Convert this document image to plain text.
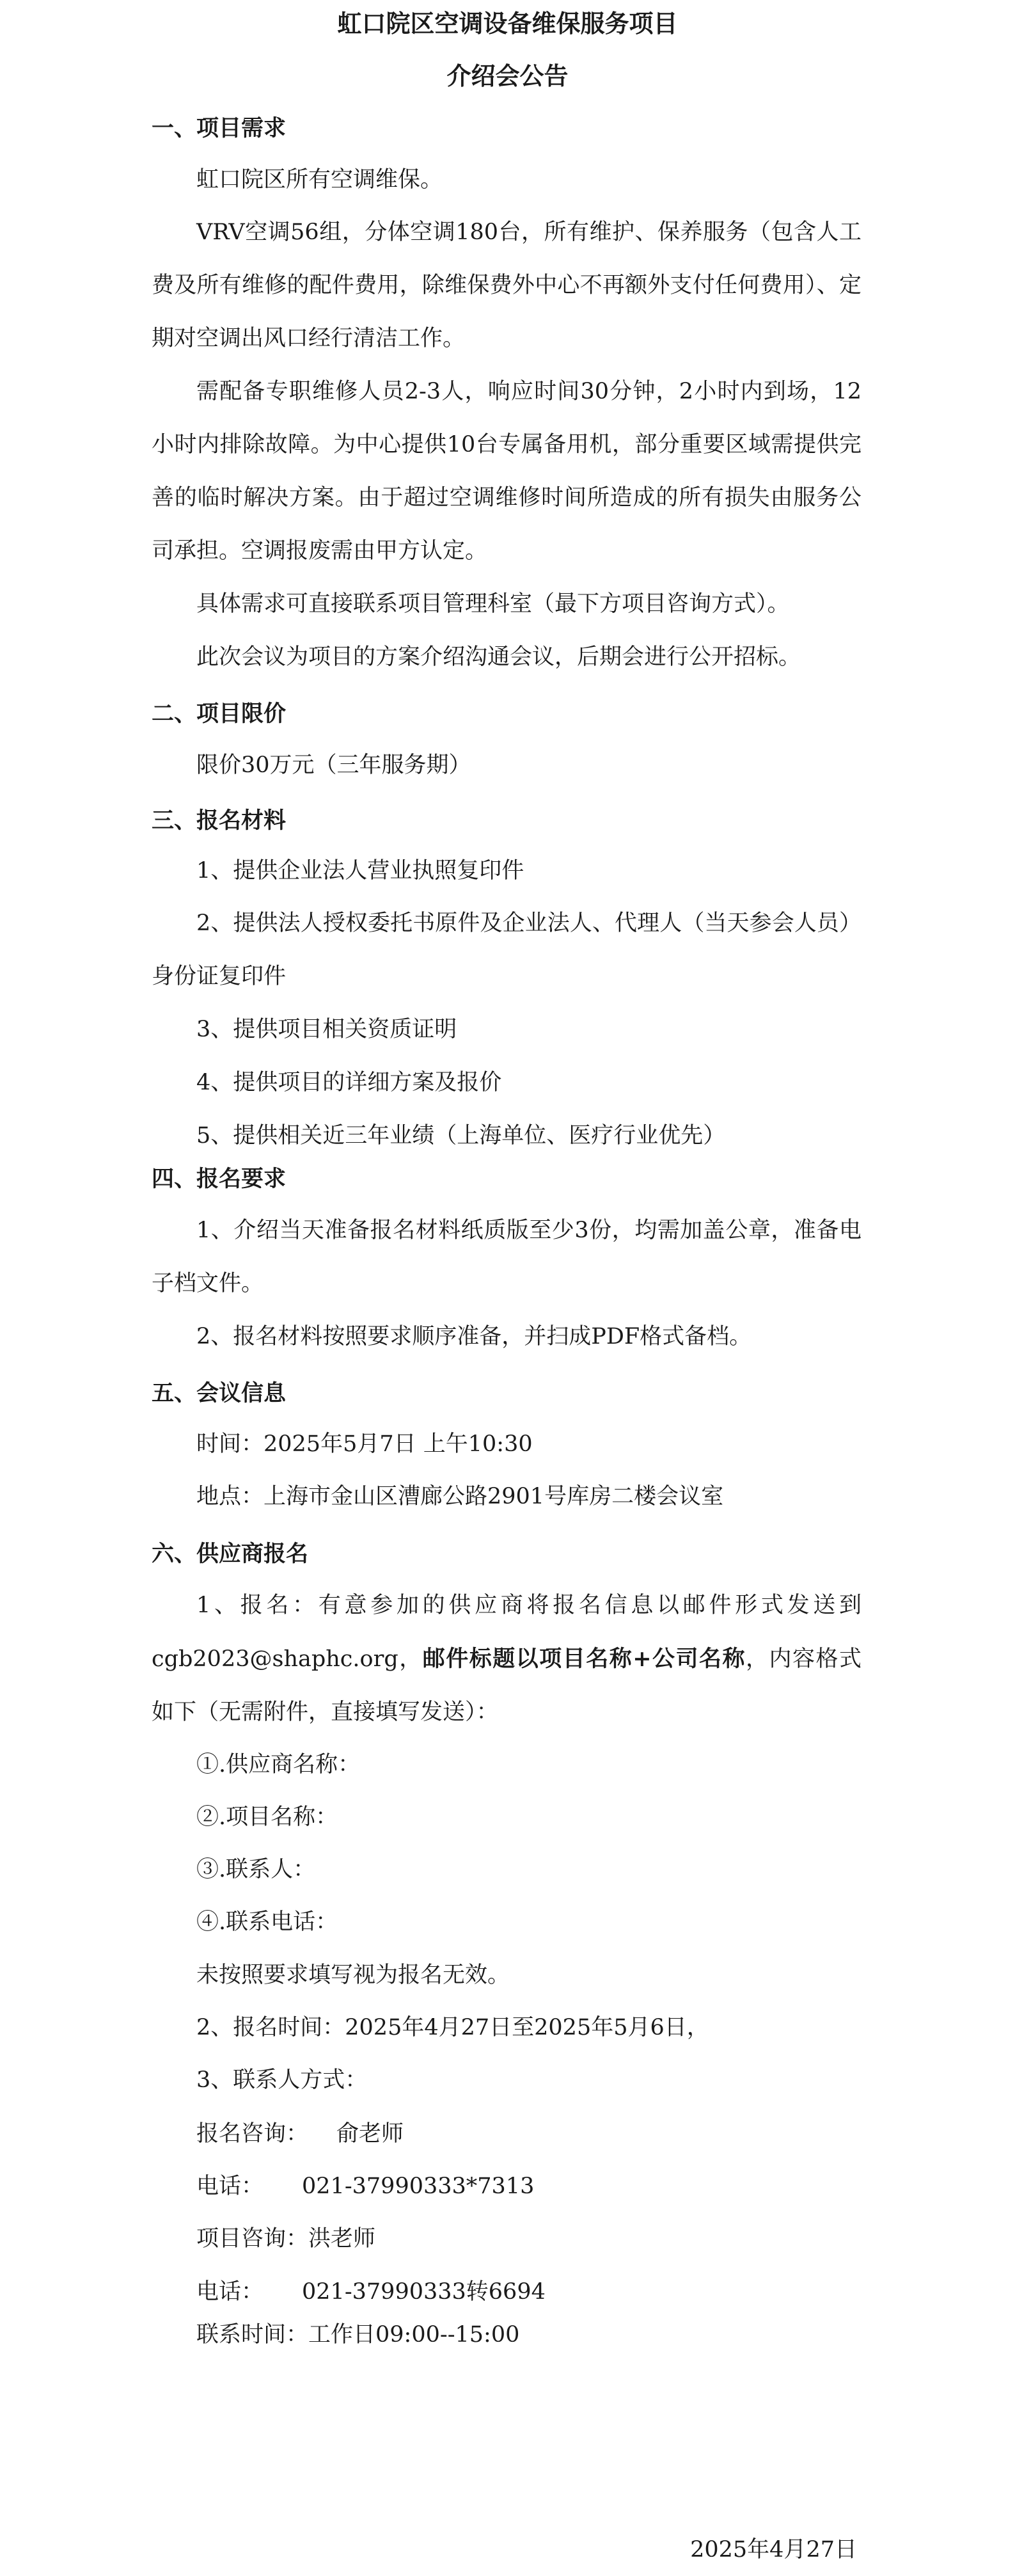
虹口院区空调设备维保服务项目
介绍会公告
一、项目需求
虹口院区所有空调维保。
VRV空调56组，分体空调180台，所有维护、保养服务（包含人工费及所有维修的配件费用，除维保费外中心不再额外支付任何费用）、定期对空调出风口经行清洁工作。
需配备专职维修人员2-3人，响应时间30分钟，2小时内到场，12小时内排除故障。为中心提供10台专属备用机，部分重要区域需提供完善的临时解决方案。由于超过空调维修时间所造成的所有损失由服务公司承担。空调报废需由甲方认定。
具体需求可直接联系项目管理科室（最下方项目咨询方式）。
此次会议为项目的方案介绍沟通会议，后期会进行公开招标。
二、项目限价
限价30万元（三年服务期）
三、报名材料
1、提供企业法人营业执照复印件
2、提供法人授权委托书原件及企业法人、代理人（当天参会人员）身份证复印件
3、提供项目相关资质证明
4、提供项目的详细方案及报价
5、提供相关近三年业绩（上海单位、医疗行业优先）
四、报名要求
1、介绍当天准备报名材料纸质版至少3份，均需加盖公章，准备电子档文件。
2、报名材料按照要求顺序准备，并扫成PDF格式备档。
五、会议信息
时间：2025年5月7日 上午10:30
地点：上海市金山区漕廊公路2901号库房二楼会议室
六、供应商报名
1、报名：有意参加的供应商将报名信息以邮件形式发送到cgb2023@shaphc.org，邮件标题以项目名称+公司名称，内容格式如下（无需附件，直接填写发送）：
①.供应商名称：
②.项目名称：
③.联系人：
④.联系电话：
未按照要求填写视为报名无效。
2、报名时间：2025年4月27日至2025年5月6日，
3、联系人方式：
报名咨询： 俞老师
电话： 021-37990333*7313
项目咨询：洪老师
电话： 021-37990333转6694
联系时间：工作日09:00--15:00
2025年4月27日
